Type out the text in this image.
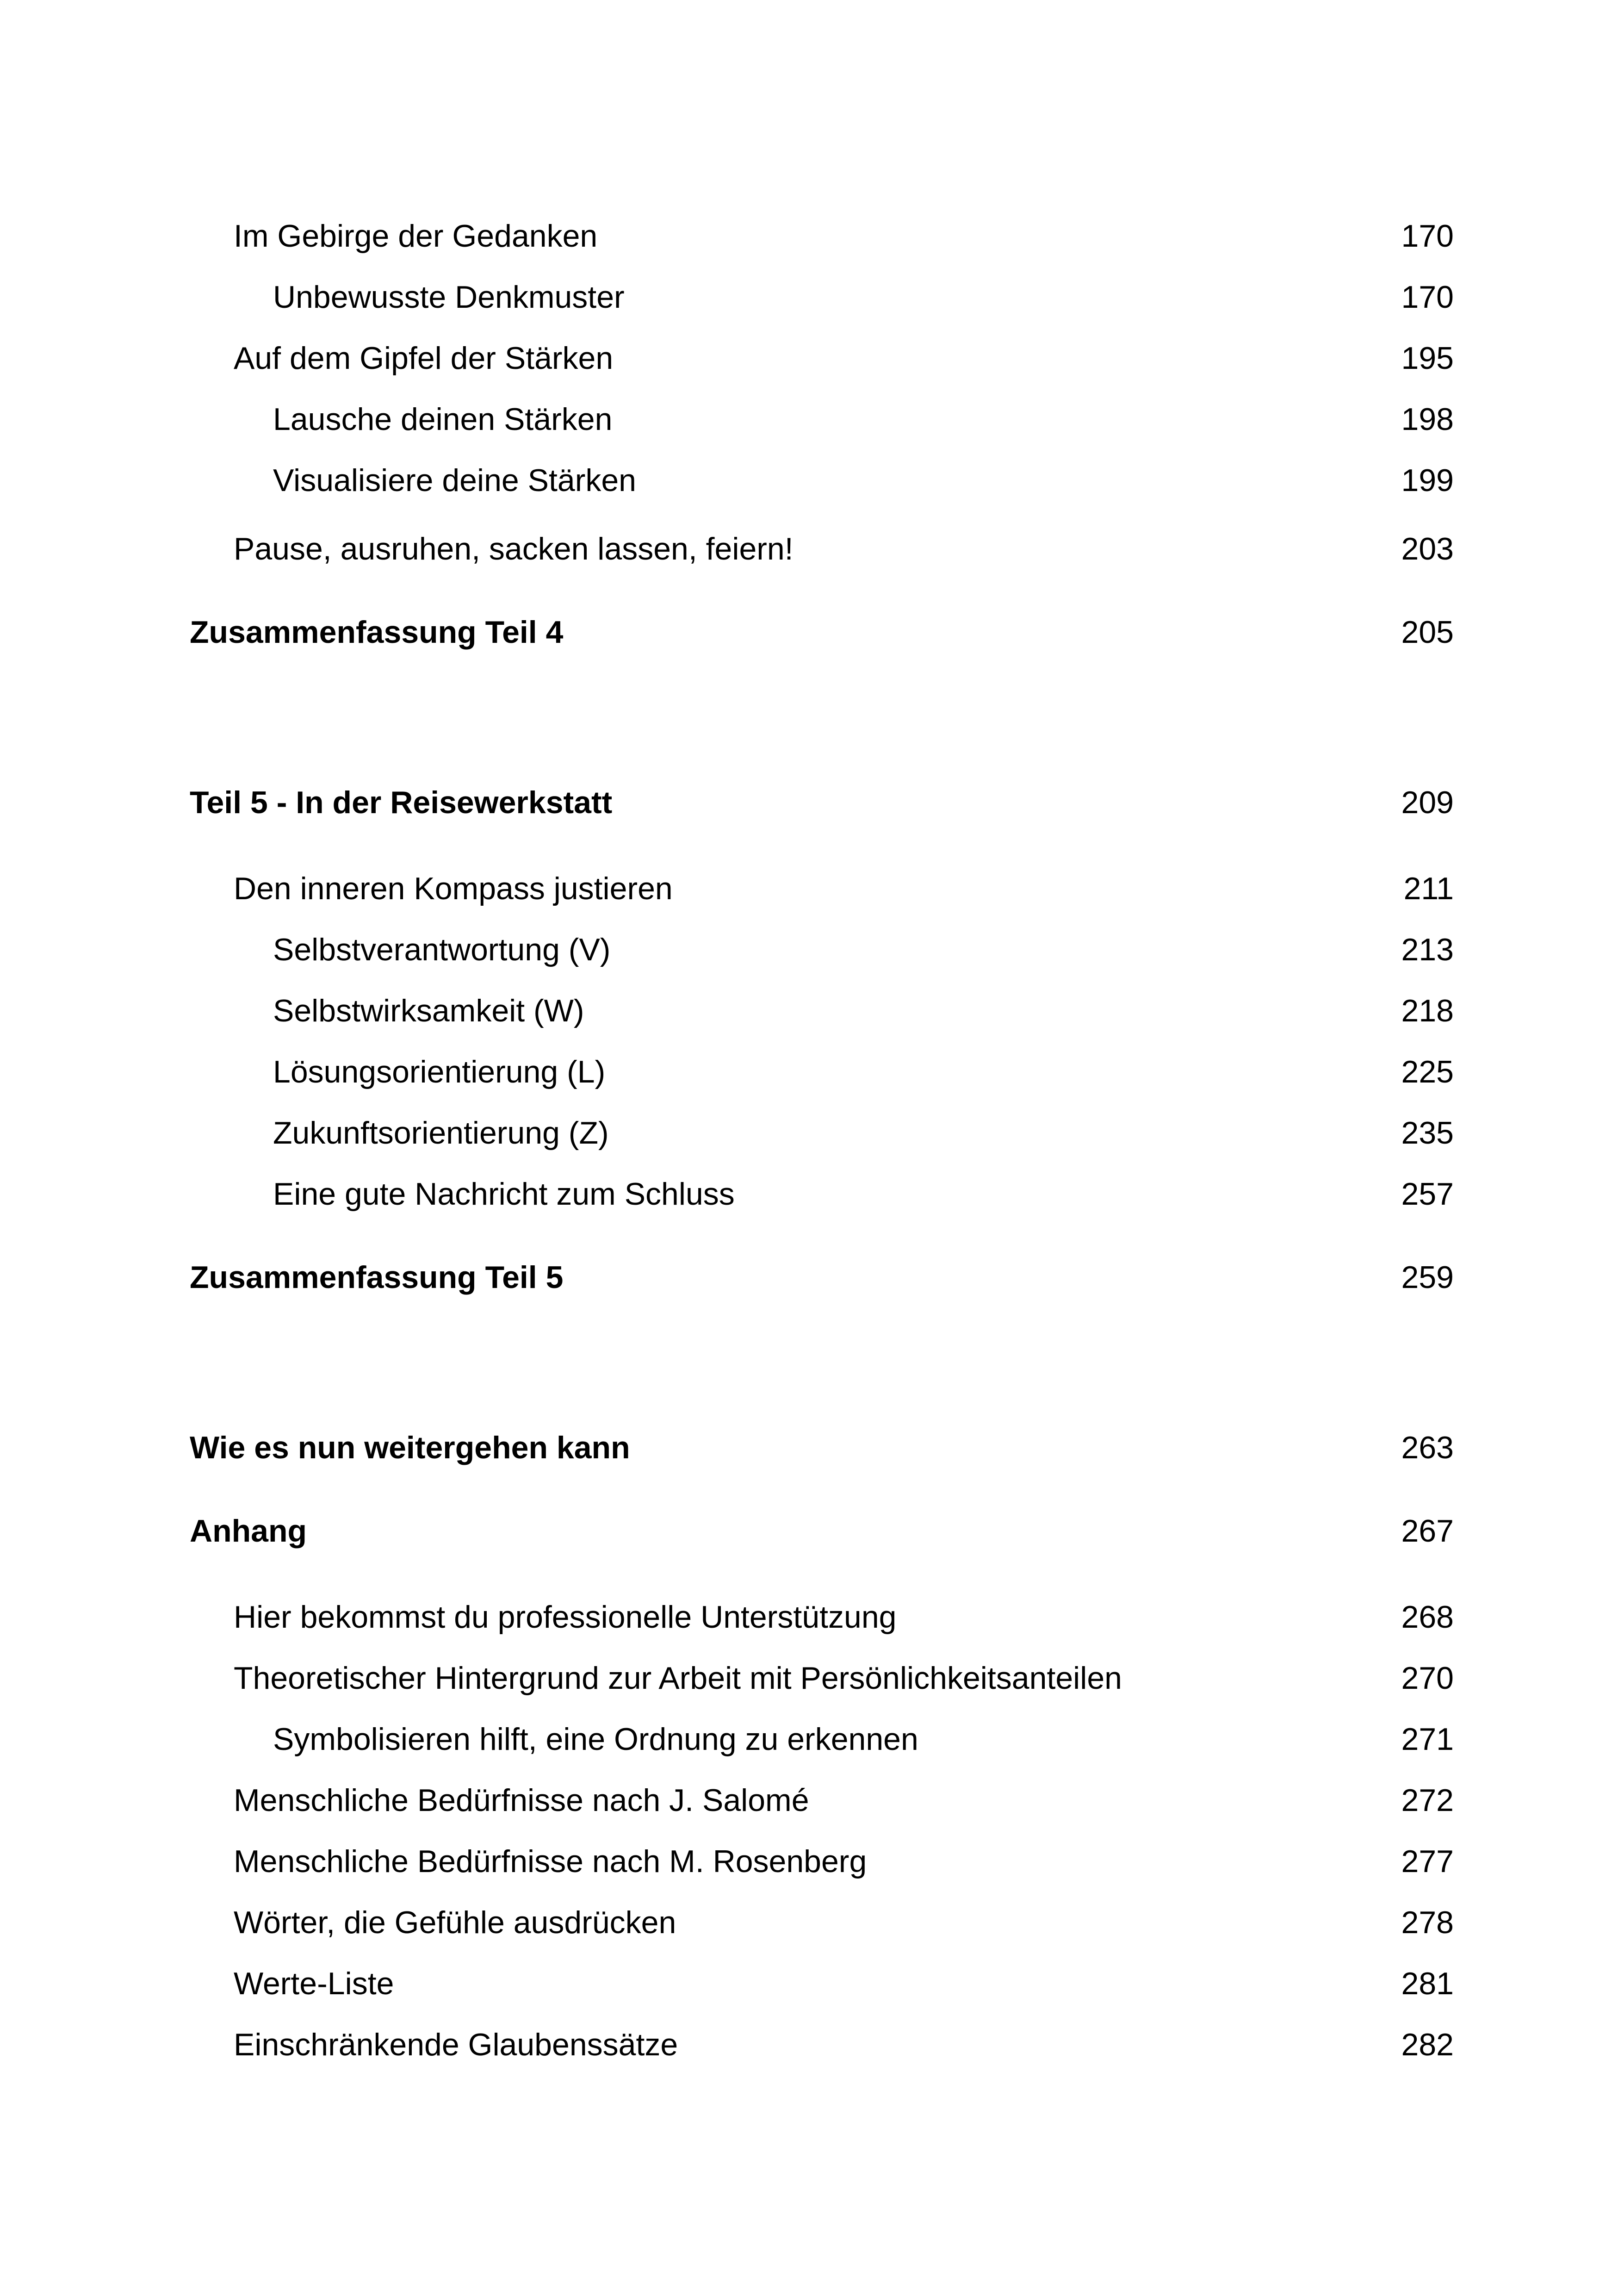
Im Gebirge der Gedanken	170
Unbewusste Denkmuster	170
Auf dem Gipfel der Stärken	195
Lausche deinen Stärken	198
Visualisiere deine Stärken	199
Pause, ausruhen, sacken lassen, feiern!	203
Zusammenfassung Teil 4	205
Teil 5 - In der Reisewerkstatt	209
Den inneren Kompass justieren	211
Selbstverantwortung (V)	213
Selbstwirksamkeit (W)	218
Lösungsorientierung (L)	225
Zukunftsorientierung (Z)	235
Eine gute Nachricht zum Schluss	257
Zusammenfassung Teil 5	259
Wie es nun weitergehen kann	263
Anhang	267
Hier bekommst du professionelle Unterstützung	268
Theoretischer Hintergrund zur Arbeit mit Persönlichkeitsanteilen	270
Symbolisieren hilft, eine Ordnung zu erkennen	271
Menschliche Bedürfnisse nach J. Salomé	272
Menschliche Bedürfnisse nach M. Rosenberg	277
Wörter, die Gefühle ausdrücken	278
Werte-Liste	281
Einschränkende Glaubenssätze	282
